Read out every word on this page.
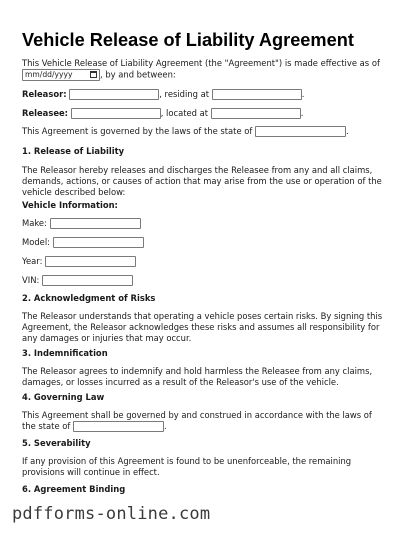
Vehicle Release of Liability Agreement
This Vehicle Release of Liability Agreement (the "Agreement") is made effective as of
mm/dd/yyyy	, by and between:
Releasor:	, residing at	.
Releasee:	, located at	.
This Agreement is governed by the laws of the state of	.
1. Release of Liability
The Releasor hereby releases and discharges the Releasee from any and all claims, demands, actions, or causes of action that may arise from the use or operation of the vehicle described below:
Vehicle Information:
Make:
Model:
Year:
VIN:
2. Acknowledgment of Risks
The Releasor understands that operating a vehicle poses certain risks. By signing this Agreement, the Releasor acknowledges these risks and assumes all responsibility for any damages or injuries that may occur.
3. Indemnification
The Releasor agrees to indemnify and hold harmless the Releasee from any claims, damages, or losses incurred as a result of the Releasor's use of the vehicle.
4. Governing Law
This Agreement shall be governed by and construed in accordance with the laws of the state of	.
5. Severability
If any provision of this Agreement is found to be unenforceable, the remaining provisions will continue in effect.
6. Agreement Binding
pdfforms-online.com
